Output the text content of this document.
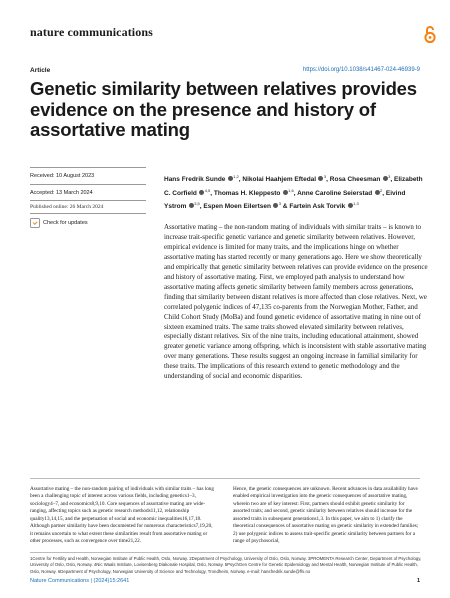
nature communications
Article	https://doi.org/10.1038/s41467-024-46939-9
Genetic similarity between relatives provides evidence on the presence and history of assortative mating
Received: 10 August 2023
Accepted: 13 March 2024
Published online: 26 March 2024
Check for updates
Hans Fredrik Sunde $^{1,2}$, Nikolai Haahjem Eftedal $^3$, Rosa Cheesman $^3$, Elizabeth C. Corfield $^{4,5}$, Thomas H. Kleppesto $^{1,6}$, Anne Caroline Seierstad $^2$, Eivind Ystrom $^{3,5}$, Espen Moen Eilertsen $^3$ & Fartein Ask Torvik $^{1,3}$
Assortative mating – the non-random mating of individuals with similar traits – is known to increase trait-specific genetic variance and genetic similarity between relatives. However, empirical evidence is limited for many traits, and the implications hinge on whether assortative mating has started recently or many generations ago. Here we show theoretically and empirically that genetic similarity between relatives can provide evidence on the presence and history of assortative mating. First, we employed path analysis to understand how assortative mating affects genetic similarity between family members across generations, finding that similarity between distant relatives is more affected than close relatives. Next, we correlated polygenic indices of 47,135 co-parents from the Norwegian Mother, Father, and Child Cohort Study (MoBa) and found genetic evidence of assortative mating in nine out of sixteen examined traits. The same traits showed elevated similarity between relatives, especially distant relatives. Six of the nine traits, including educational attainment, showed greater genetic variance among offspring, which is inconsistent with stable assortative mating over many generations. These results suggest an ongoing increase in familial similarity for these traits. The implications of this research extend to genetic methodology and the understanding of social and economic disparities.
Assortative mating – the non-random pairing of individuals with similar traits – has long been a challenging topic of interest across various fields, including genetics1–3, sociology4–7, and economics8,9,10. Core sequences of assortative mating are wide-ranging, affecting topics such as genetic research methods11,12, relationship quality13,14,15, and the perpetuation of social and economic inequalities16,17,18. Although partner similarity have been documented for numerous characteristics7,19,20, it remains uncertain to what extent these similarities result from assortative mating or other processes, such as convergence over time21,22.
Hence, the genetic consequences are unknown. Recent advances in data availability have enabled empirical investigation into the genetic consequences of assortative mating, wherein two are of key interest: First, partners should exhibit genetic similarity for assorted traits; and second, genetic similarity between relatives should increase for the assorted traits in subsequent generations1,3. In this paper, we aim to 1) clarify the theoretical consequences of assortative mating on genetic similarity in extended families; 2) use polygenic indices to assess trait-specific genetic similarity between partners for a range of psychosocial,
1Centre for Fertility and Health, Norwegian Institute of Public Health, Oslo, Norway. 2Department of Psychology, University of Oslo, Oslo, Norway. 3PROMENTA Research Center, Department of Psychology, University of Oslo, Oslo, Norway. 4Nic Waals Institute, Lovisenberg Diakonale Hospital, Oslo, Norway. 5PsychGen Centre for Genetic Epidemiology and Mental Health, Norwegian Institute of Public Health, Oslo, Norway. 6Department of Psychology, Norwegian University of Science and Technology, Trondheim, Norway. e-mail: hansfredrik.sunde@fhi.no
Nature Communications | (2024)15:2641	1
